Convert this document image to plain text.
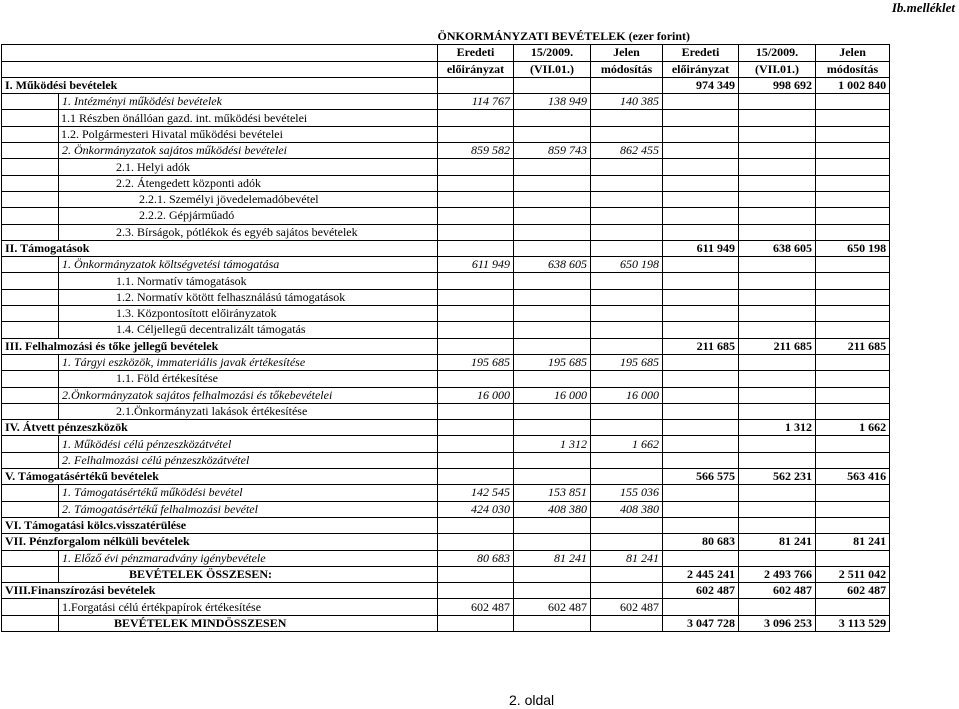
Ib.melléklet
		ÖNKORMÁNYZATI BEVÉTELEK (ezer forint)					

		Eredeti	15/2009.	Jelen	Eredeti	15/2009.	Jelen

		előirányzat	(VII.01.)	módosítás	előirányzat	(VII.01.)	módosítás
I. Működési bevételek					974 349	998 692	1 002 840
	1. Intézményi működési bevételek	114 767	138 949	140 385			
	1.1 Részben önállóan gazd. int. működési bevételei						
	1.2. Polgármesteri Hivatal működési bevételei						
	2. Önkormányzatok sajátos működési bevételei	859 582	859 743	862 455			
	2.1. Helyi adók						
	2.2. Átengedett központi adók						
	2.2.1. Személyi jövedelemadóbevétel						
	2.2.2. Gépjárműadó						
	2.3. Bírságok, pótlékok és egyéb sajátos bevételek						
II. Támogatások					611 949	638 605	650 198
	1. Önkormányzatok költségvetési támogatása	611 949	638 605	650 198			
	1.1. Normatív támogatások						
	1.2. Normatív kötött felhasználású támogatások						
	1.3. Központosított előirányzatok						
	1.4. Céljellegű decentralizált támogatás						
III. Felhalmozási és tőke jellegű bevételek					211 685	211 685	211 685
	1. Tárgyi eszközök, immateriális javak értékesítése	195 685	195 685	195 685			
	1.1. Föld értékesítése						
	2.Önkormányzatok sajátos felhalmozási és tőkebevételei	16 000	16 000	16 000			
	2.1.Önkormányzati lakások értékesítése						
IV. Átvett pénzeszközök						1 312	1 662
	1. Működési célú pénzeszközátvétel		1 312	1 662			
	2. Felhalmozási célú pénzeszközátvétel						
V. Támogatásértékű bevételek					566 575	562 231	563 416
	1. Támogatásértékű működési bevétel	142 545	153 851	155 036			
	2. Támogatásértékű felhalmozási bevétel	424 030	408 380	408 380			
VI. Támogatási kölcs.visszatérülése							
VII. Pénzforgalom nélküli bevételek					80 683	81 241	81 241
	1. Előző évi pénzmaradvány igénybevétele	80 683	81 241	81 241			
	BEVÉTELEK ÖSSZESEN:				2 445 241	2 493 766	2 511 042
VIII.Finanszírozási bevételek					602 487	602 487	602 487
	1.Forgatási célú értékpapírok értékesítése	602 487	602 487	602 487			
	BEVÉTELEK MINDÖSSZESEN				3 047 728	3 096 253	3 113 529
2. oldal
